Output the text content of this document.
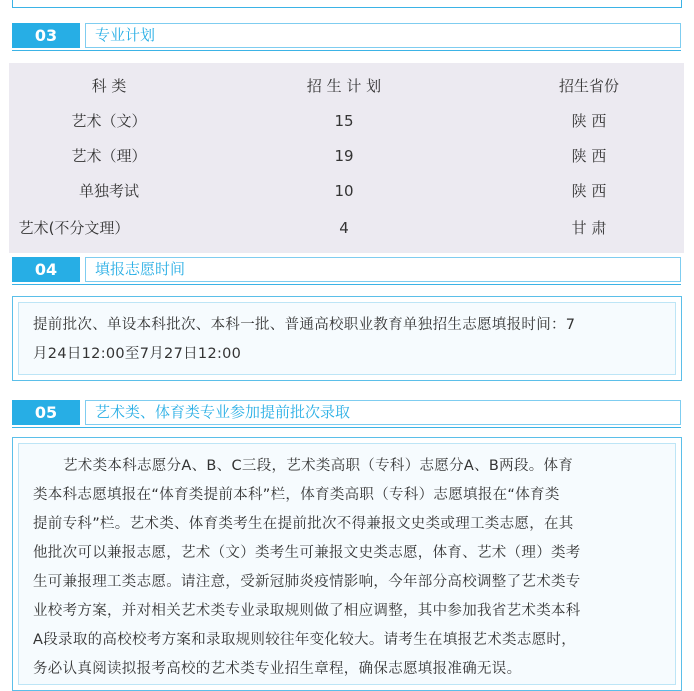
03	专业计划
科 类	招 生 计 划	招生省份
艺术（文）	15	陕 西
艺术（理）	19	陕 西
单独考试	10	陕 西
艺术(不分文理）	4	甘 肃
04	填报志愿时间
提前批次、单设本科批次、本科一批、普通高校职业教育单独招生志愿填报时间：7
月24日12:00至7月27日12:00
05	艺术类、体育类专业参加提前批次录取
艺术类本科志愿分A、B、C三段，艺术类高职（专科）志愿分A、B两段。体育
类本科志愿填报在“体育类提前本科”栏，体育类高职（专科）志愿填报在“体育类
提前专科”栏。艺术类、体育类考生在提前批次不得兼报文史类或理工类志愿，在其
他批次可以兼报志愿，艺术（文）类考生可兼报文史类志愿，体育、艺术（理）类考
生可兼报理工类志愿。请注意，受新冠肺炎疫情影响，今年部分高校调整了艺术类专
业校考方案，并对相关艺术类专业录取规则做了相应调整，其中参加我省艺术类本科
A段录取的高校校考方案和录取规则较往年变化较大。请考生在填报艺术类志愿时，
务必认真阅读拟报考高校的艺术类专业招生章程，确保志愿填报准确无误。
